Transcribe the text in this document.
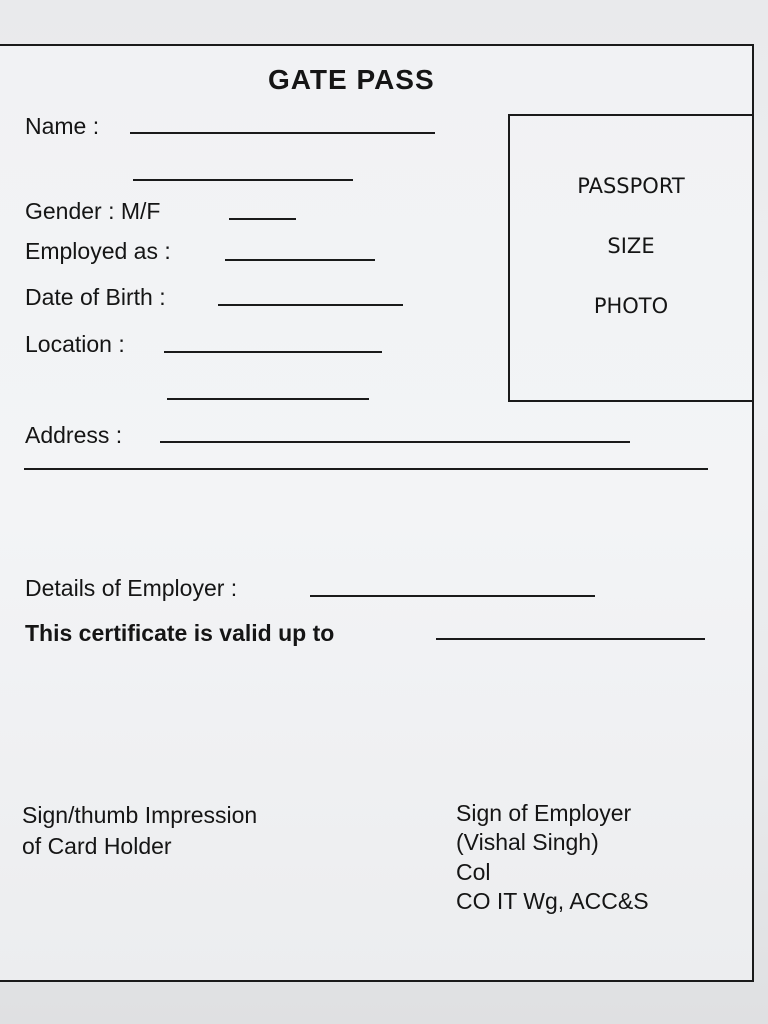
GATE PASS
Name :
Gender : M/F
Employed as :
Date of Birth :
Location :
Address :
Details of Employer :
This certificate is valid up to
PASSPORT
SIZE
PHOTO
Sign/thumb Impression
of Card Holder
Sign of Employer
(Vishal Singh)
Col
CO IT Wg, ACC&S
